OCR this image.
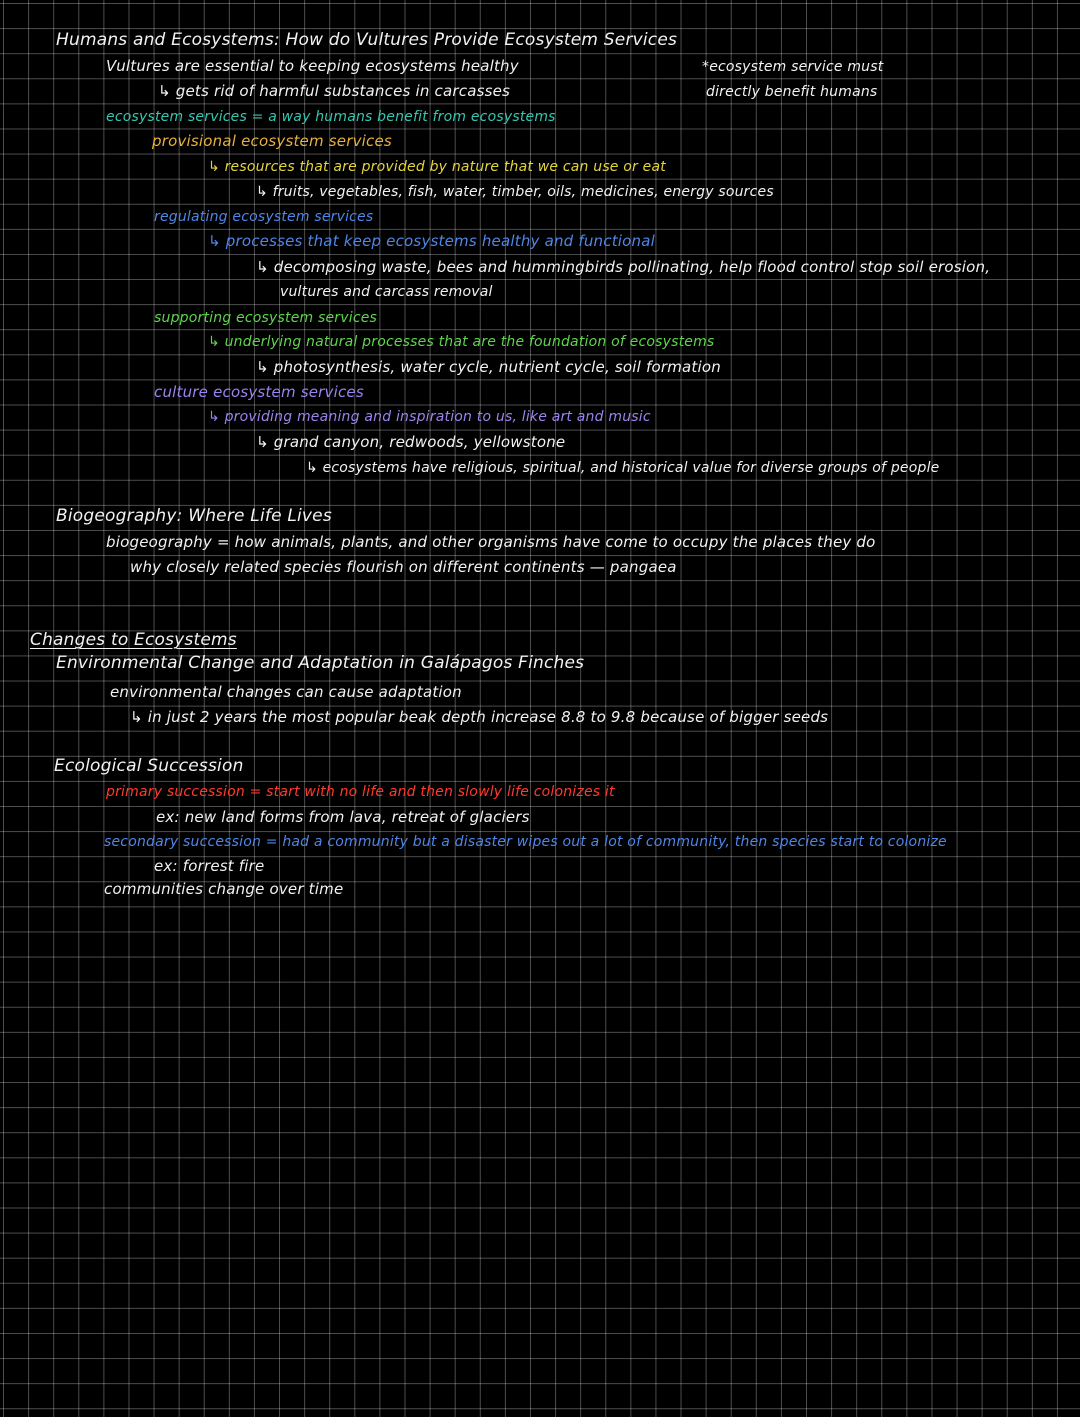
Humans and Ecosystems: How do Vultures Provide Ecosystem Services
Vultures are essential to keeping ecosystems healthy
↳ gets rid of harmful substances in carcasses
*ecosystem service must
directly benefit humans
ecosystem services = a way humans benefit from ecosystems
provisional ecosystem services
↳ resources that are provided by nature that we can use or eat
↳ fruits, vegetables, fish, water, timber, oils, medicines, energy sources
regulating ecosystem services
↳ processes that keep ecosystems healthy and functional
↳ decomposing waste, bees and hummingbirds pollinating, help flood control stop soil erosion,
vultures and carcass removal
supporting ecosystem services
↳ underlying natural processes that are the foundation of ecosystems
↳ photosynthesis, water cycle, nutrient cycle, soil formation
culture ecosystem services
↳ providing meaning and inspiration to us, like art and music
↳ grand canyon, redwoods, yellowstone
↳ ecosystems have religious, spiritual, and historical value for diverse groups of people
Biogeography: Where Life Lives
biogeography = how animals, plants, and other organisms have come to occupy the places they do
why closely related species flourish on different continents — pangaea
Changes to Ecosystems
Environmental Change and Adaptation in Galápagos Finches
environmental changes can cause adaptation
↳ in just 2 years the most popular beak depth increase 8.8 to 9.8 because of bigger seeds
Ecological Succession
primary succession = start with no life and then slowly life colonizes it
ex: new land forms from lava, retreat of glaciers
secondary succession = had a community but a disaster wipes out a lot of community, then species start to colonize
ex: forrest fire
communities change over time
